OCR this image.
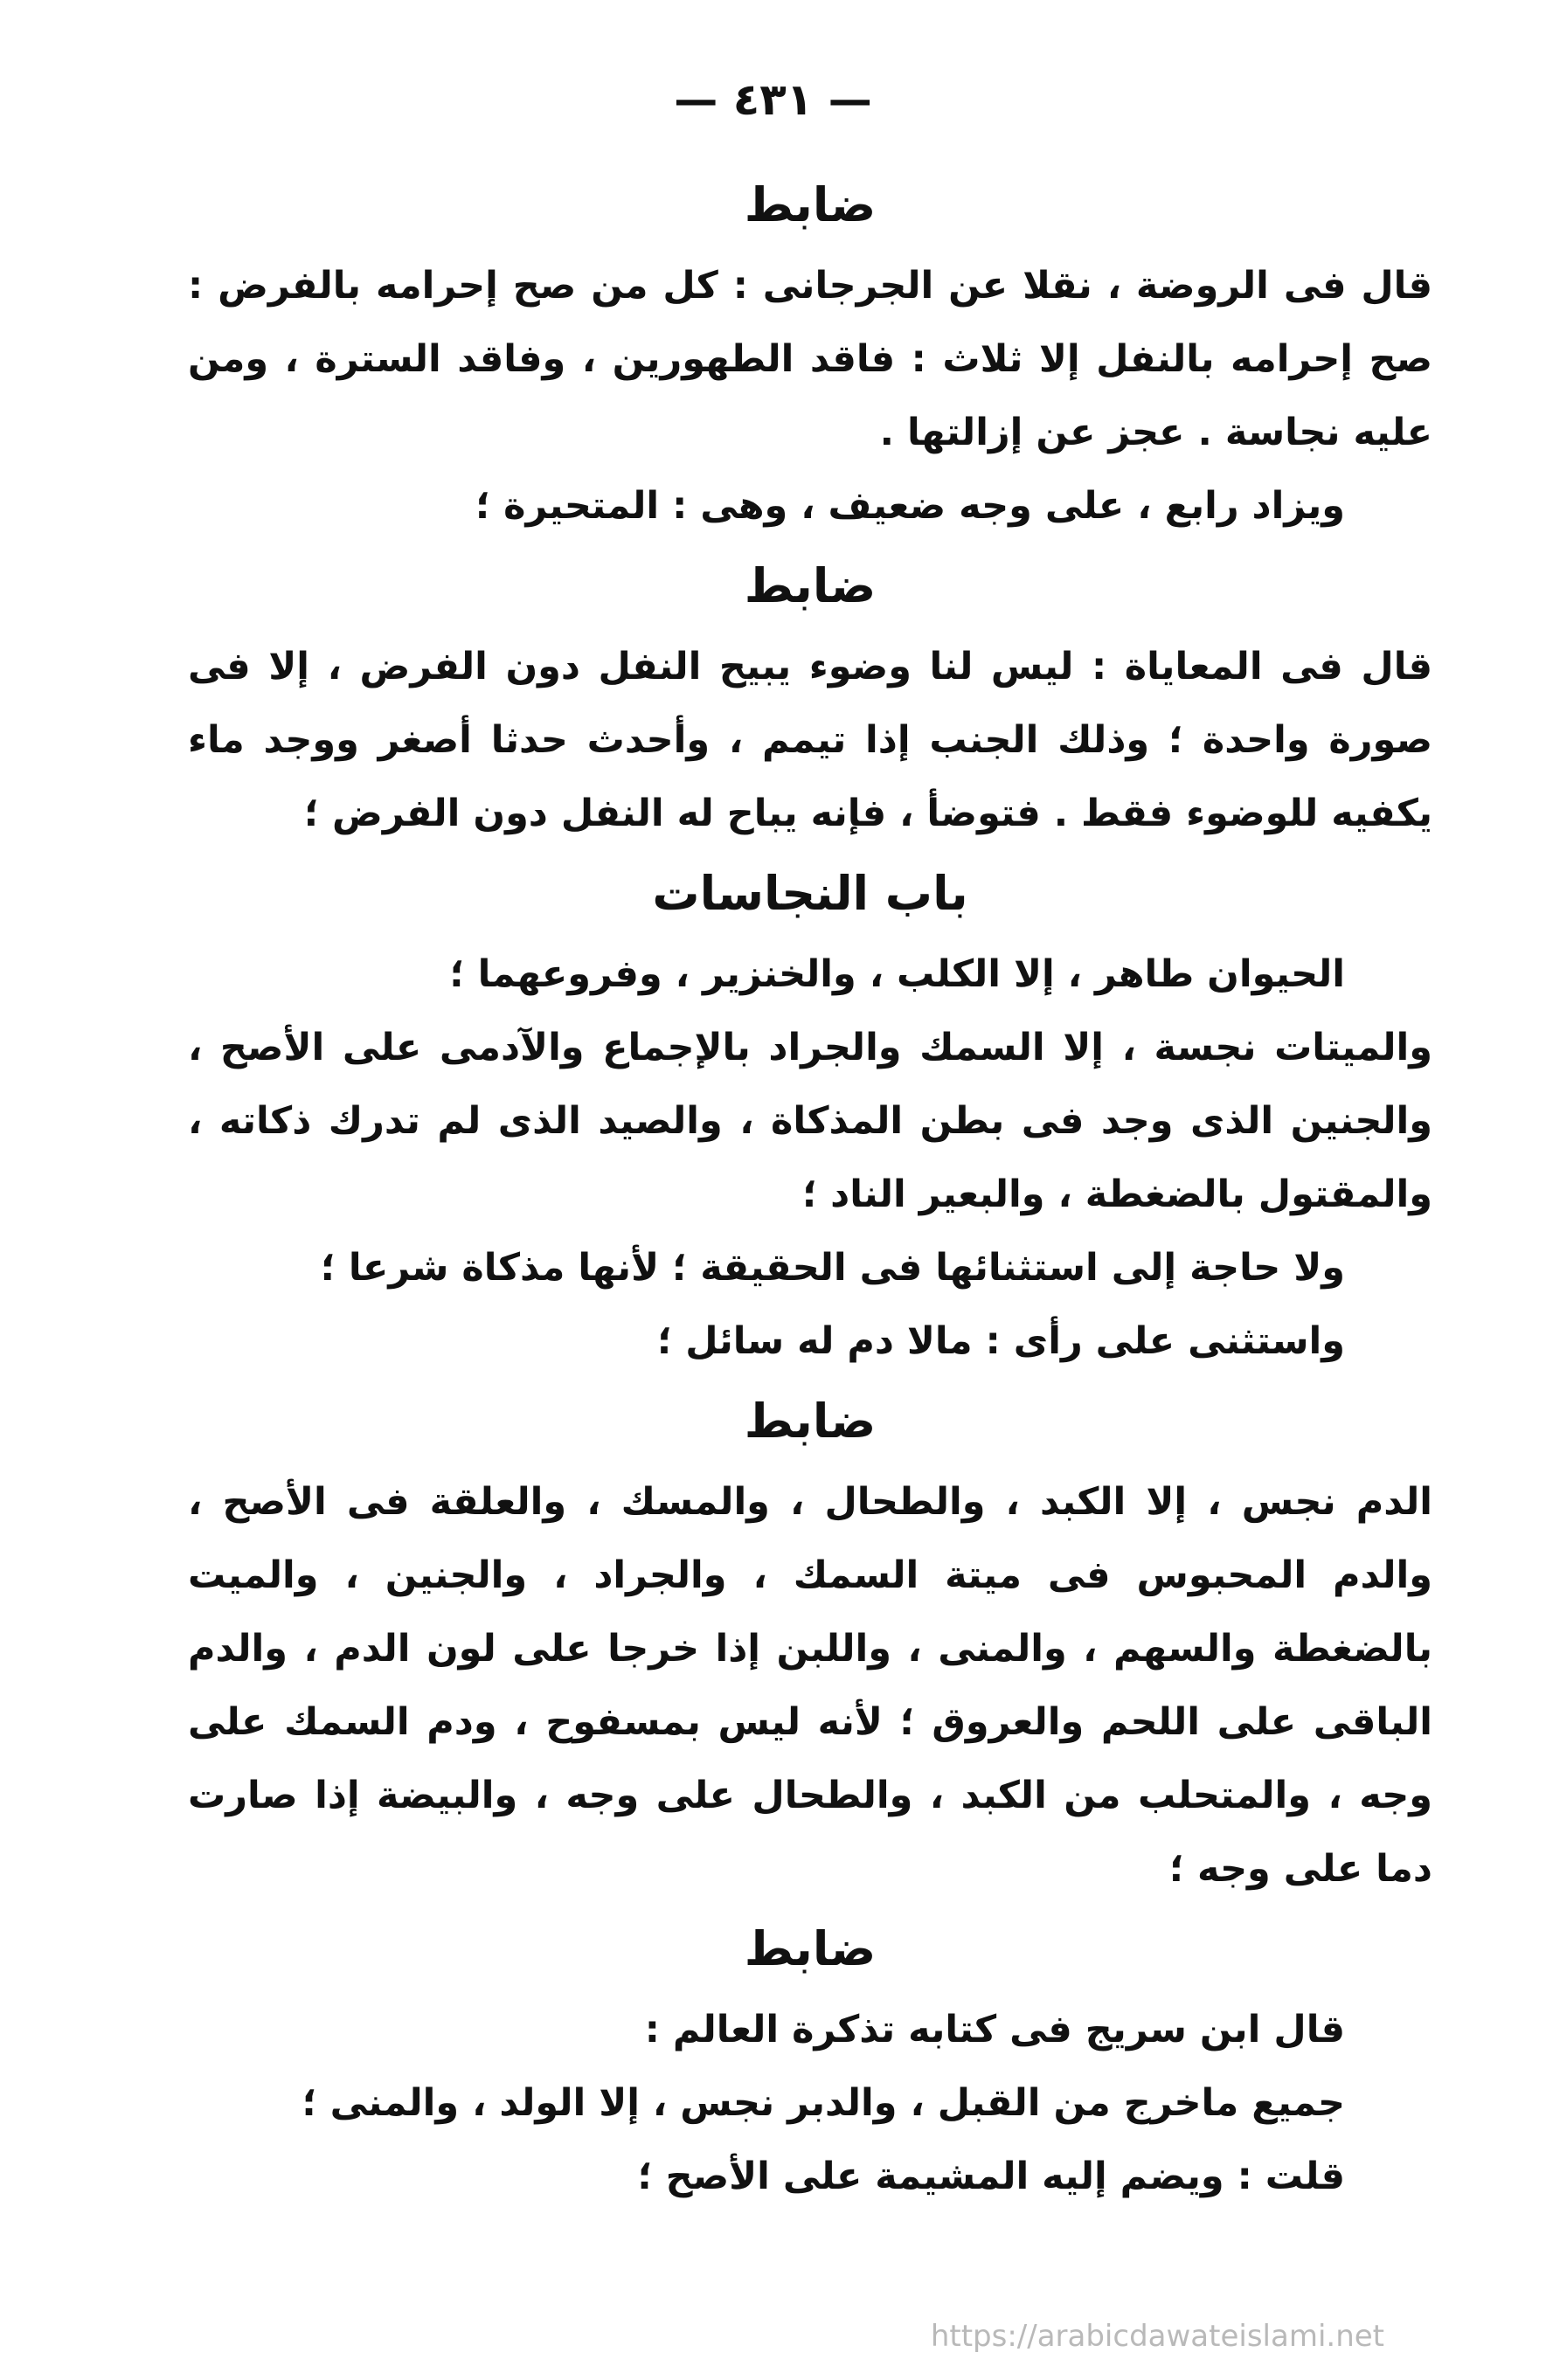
— ٤٣١ —
ضابط

قال فى الروضة ، نقلا عن الجرجانى : كل من صح إحرامه بالفرض : صح إحرامه بالنفل إلا ثلاث : فاقد الطهورين ، وفاقد السترة ، ومن عليه نجاسة . عجز عن إزالتها .

ويزاد رابع ، على وجه ضعيف ، وهى : المتحيرة ؛

ضابط

قال فى المعاياة : ليس لنا وضوء يبيح النفل دون الفرض ، إلا فى صورة واحدة ؛ وذلك الجنب إذا تيمم ، وأحدث حدثا أصغر ووجد ماء يكفيه للوضوء فقط . فتوضأ ، فإنه يباح له النفل دون الفرض ؛

باب النجاسات

الحيوان طاهر ، إلا الكلب ، والخنزير ، وفروعهما ؛

والميتات نجسة ، إلا السمك والجراد بالإجماع والآدمى على الأصح ، والجنين الذى وجد فى بطن المذكاة ، والصيد الذى لم تدرك ذكاته ، والمقتول بالضغطة ، والبعير الناد ؛

ولا حاجة إلى استثنائها فى الحقيقة ؛ لأنها مذكاة شرعا ؛

واستثنى على رأى : مالا دم له سائل ؛

ضابط

الدم نجس ، إلا الكبد ، والطحال ، والمسك ، والعلقة فى الأصح ، والدم المحبوس فى ميتة السمك ، والجراد ، والجنين ، والميت بالضغطة والسهم ، والمنى ، واللبن إذا خرجا على لون الدم ، والدم الباقى على اللحم والعروق ؛ لأنه ليس بمسفوح ، ودم السمك على وجه ، والمتحلب من الكبد ، والطحال على وجه ، والبيضة إذا صارت دما على وجه ؛

ضابط

قال ابن سريج فى كتابه تذكرة العالم :

جميع ماخرج من القبل ، والدبر نجس ، إلا الولد ، والمنى ؛

قلت : ويضم إليه المشيمة على الأصح ؛

https://arabicdawateislami.net
